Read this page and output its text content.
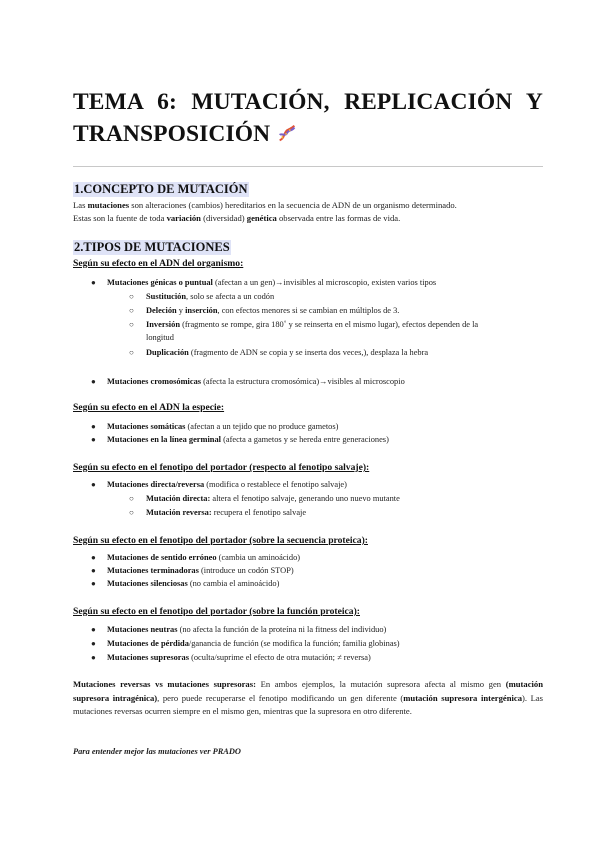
TEMA 6: MUTACIÓN, REPLICACIÓN Y
TRANSPOSICIÓN
1.CONCEPTO DE MUTACIÓN
Las mutaciones son alteraciones (cambios) hereditarios en la secuencia de ADN de un organismo determinado.
Estas son la fuente de toda variación (diversidad) genética observada entre las formas de vida.
2.TIPOS DE MUTACIONES
Según su efecto en el ADN del organismo:
● Mutaciones génicas o puntual (afectan a un gen)→invisibles al microscopio, existen varios tipos
○ Sustitución, solo se afecta a un codón
○ Deleción y inserción, con efectos menores si se cambian en múltiplos de 3.
○ Inversión (fragmento se rompe, gira 180˚ y se reinserta en el mismo lugar), efectos dependen de la
longitud
○ Duplicación (fragmento de ADN se copia y se inserta dos veces,), desplaza la hebra
● Mutaciones cromosómicas (afecta la estructura cromosómica)→visibles al microscopio
Según su efecto en el ADN la especie:
● Mutaciones somáticas (afectan a un tejido que no produce gametos)
● Mutaciones en la línea germinal (afecta a gametos y se hereda entre generaciones)
Según su efecto en el fenotipo del portador (respecto al fenotipo salvaje):
● Mutaciones directa/reversa (modifica o restablece el fenotipo salvaje)
○ Mutación directa: altera el fenotipo salvaje, generando uno nuevo mutante
○ Mutación reversa: recupera el fenotipo salvaje
Según su efecto en el fenotipo del portador (sobre la secuencia proteica):
● Mutaciones de sentido erróneo (cambia un aminoácido)
● Mutaciones terminadoras (introduce un codón STOP)
● Mutaciones silenciosas (no cambia el aminoácido)
Según su efecto en el fenotipo del portador (sobre la función proteica):
● Mutaciones neutras (no afecta la función de la proteína ni la fitness del individuo)
● Mutaciones de pérdida/ganancia de función (se modifica la función; familia globinas)
● Mutaciones supresoras (oculta/suprime el efecto de otra mutación; ≠ reversa)
Mutaciones reversas vs mutaciones supresoras: En ambos ejemplos, la mutación supresora afecta al mismo gen (mutación supresora intragénica), pero puede recuperarse el fenotipo modificando un gen diferente (mutación supresora intergénica). Las mutaciones reversas ocurren siempre en el mismo gen, mientras que la supresora en otro diferente.
Para entender mejor las mutaciones ver PRADO
